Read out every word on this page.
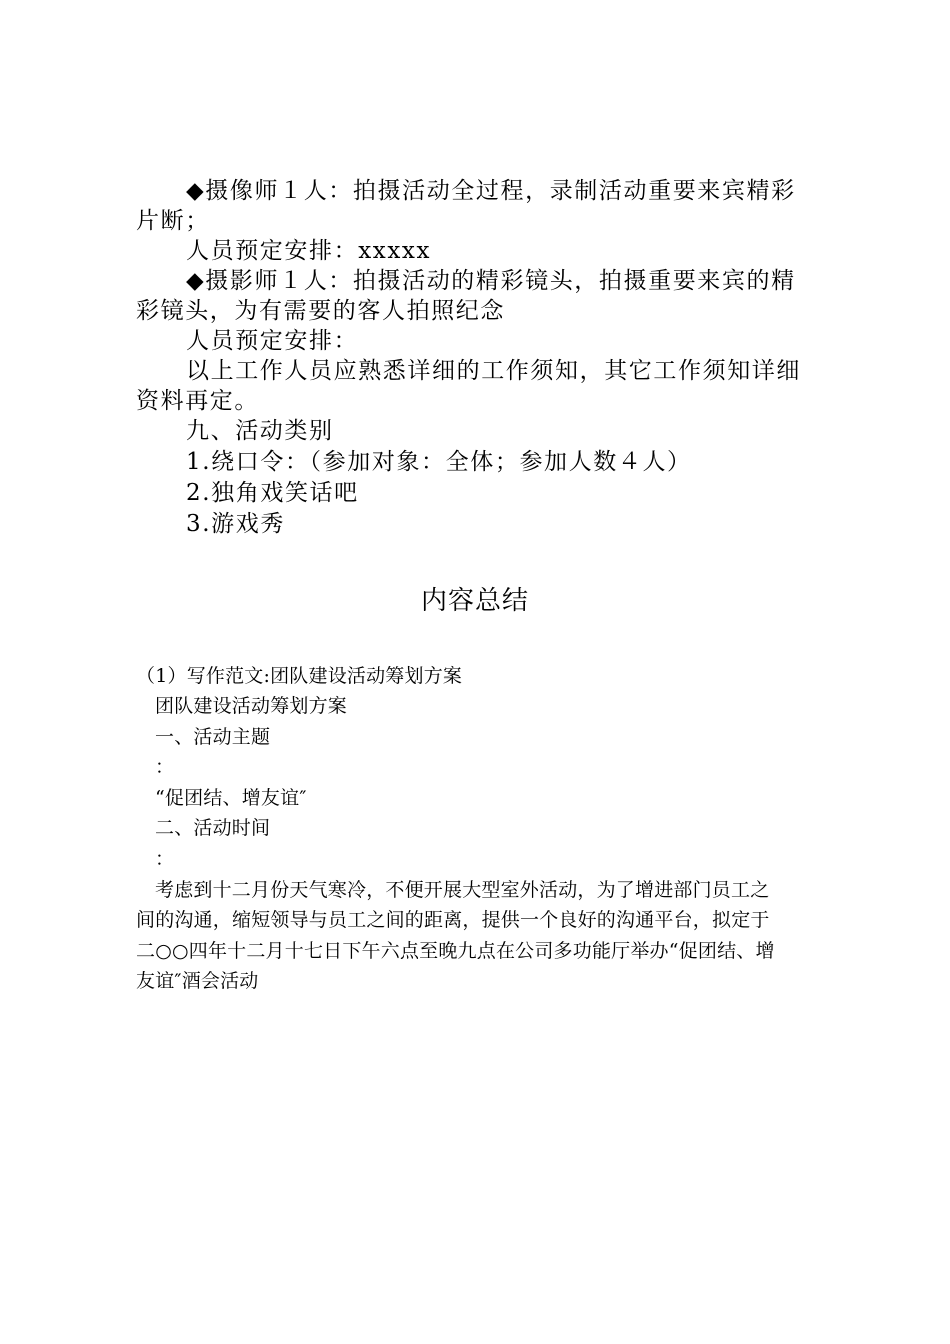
◆摄像师１人：拍摄活动全过程，录制活动重要来宾精彩
片断；
人员预定安排：xxxxx
◆摄影师１人：拍摄活动的精彩镜头，拍摄重要来宾的精
彩镜头，为有需要的客人拍照纪念
人员预定安排：
以上工作人员应熟悉详细的工作须知，其它工作须知详细
资料再定。
九、活动类别
1.绕口令：（参加对象：全体；参加人数４人）
2.独角戏笑话吧
3.游戏秀
内容总结
（1）写作范文:团队建设活动筹划方案
团队建设活动筹划方案
一、活动主题
：
“促团结、增友谊″
二、活动时间
：
考虑到十二月份天气寒冷，不便开展大型室外活动，为了增进部门员工之
间的沟通，缩短领导与员工之间的距离，提供一个良好的沟通平台，拟定于
二○○四年十二月十七日下午六点至晚九点在公司多功能厅举办“促团结、增
友谊″酒会活动
